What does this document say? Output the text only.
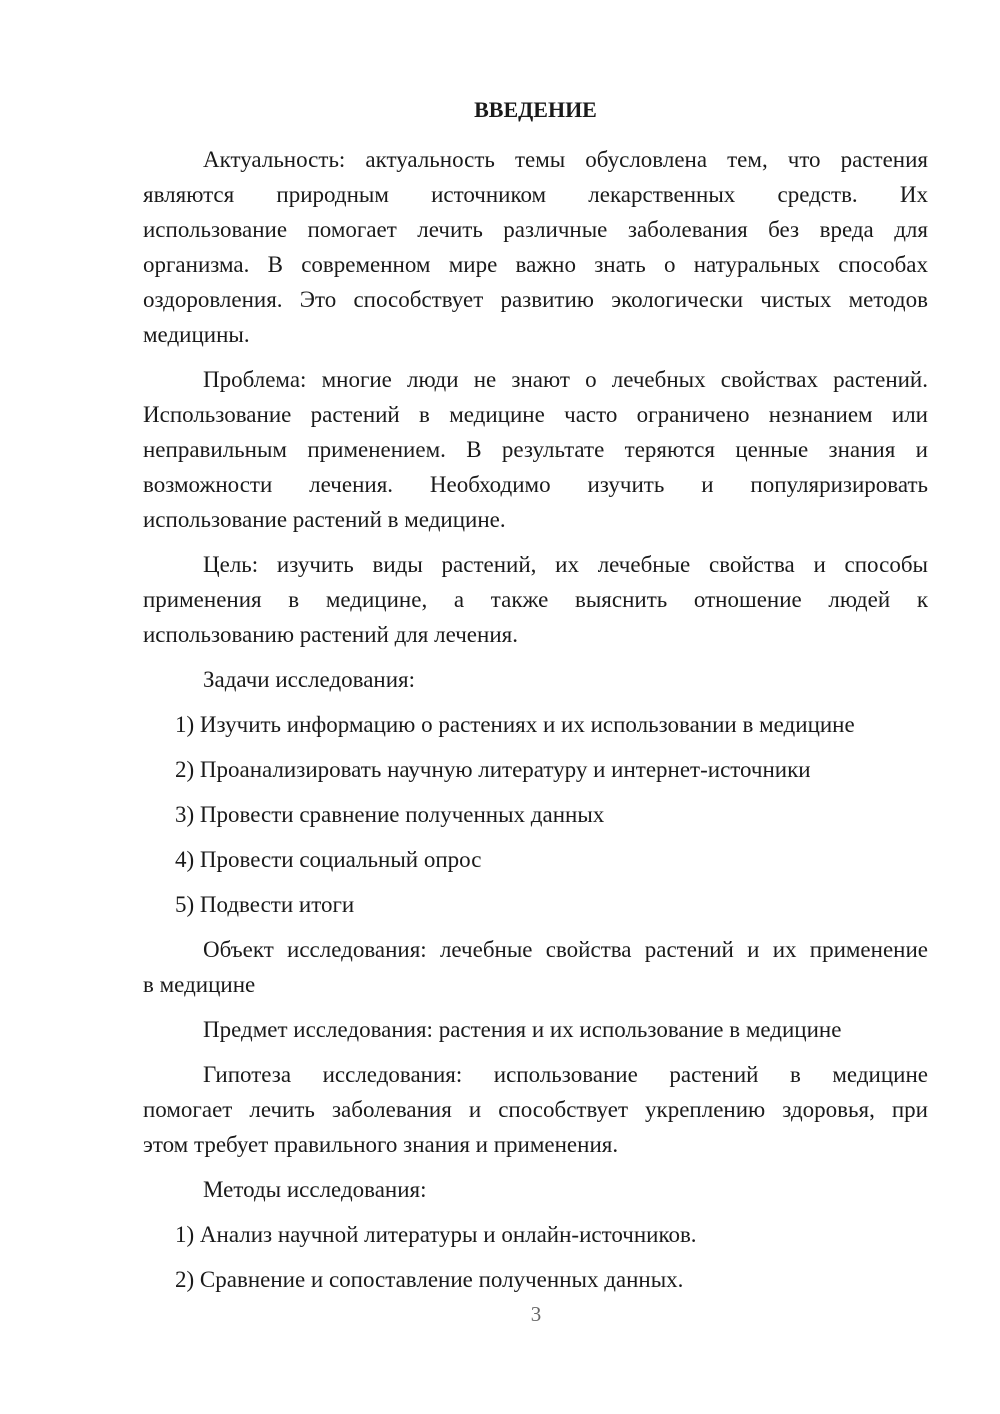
ВВЕДЕНИЕ
Актуальность: актуальность темы обусловлена тем, что растения
являются природным источником лекарственных средств. Их
использование помогает лечить различные заболевания без вреда для
организма. В современном мире важно знать о натуральных способах
оздоровления. Это способствует развитию экологически чистых методов
медицины.
Проблема: многие люди не знают о лечебных свойствах растений.
Использование растений в медицине часто ограничено незнанием или
неправильным применением. В результате теряются ценные знания и
возможности лечения. Необходимо изучить и популяризировать
использование растений в медицине.
Цель: изучить виды растений, их лечебные свойства и способы
применения в медицине, а также выяснить отношение людей к
использованию растений для лечения.
Задачи исследования:
1) Изучить информацию о растениях и их использовании в медицине
2) Проанализировать научную литературу и интернет-источники
3) Провести сравнение полученных данных
4) Провести социальный опрос
5) Подвести итоги
Объект исследования: лечебные свойства растений и их применение
в медицине
Предмет исследования: растения и их использование в медицине
Гипотеза исследования: использование растений в медицине
помогает лечить заболевания и способствует укреплению здоровья, при
этом требует правильного знания и применения.
Методы исследования:
1) Анализ научной литературы и онлайн-источников.
2) Сравнение и сопоставление полученных данных.
3
